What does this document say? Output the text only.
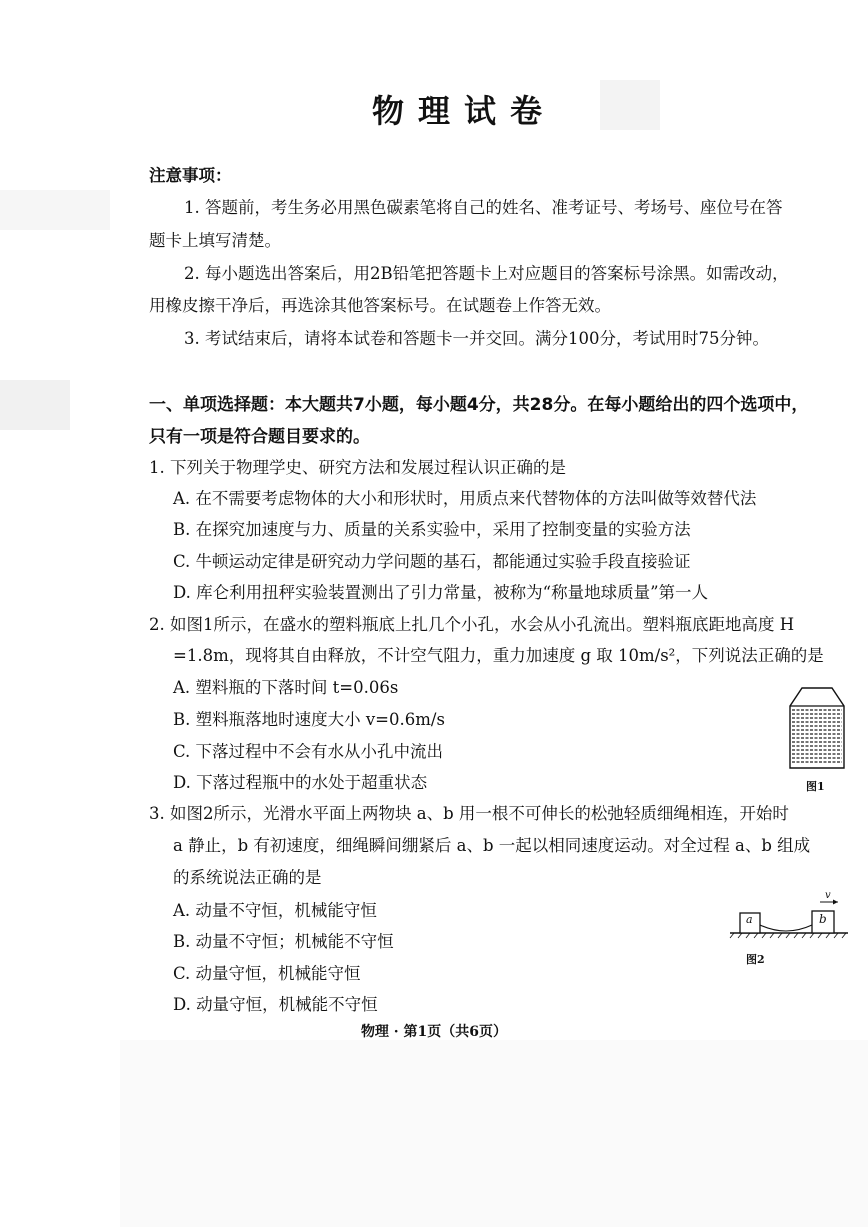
物理试卷
注意事项：
1. 答题前，考生务必用黑色碳素笔将自己的姓名、准考证号、考场号、座位号在答
题卡上填写清楚。
2. 每小题选出答案后，用2B铅笔把答题卡上对应题目的答案标号涂黑。如需改动，
用橡皮擦干净后，再选涂其他答案标号。在试题卷上作答无效。
3. 考试结束后，请将本试卷和答题卡一并交回。满分100分，考试用时75分钟。
一、单项选择题：本大题共7小题，每小题4分，共28分。在每小题给出的四个选项中，
只有一项是符合题目要求的。
1. 下列关于物理学史、研究方法和发展过程认识正确的是
A. 在不需要考虑物体的大小和形状时，用质点来代替物体的方法叫做等效替代法
B. 在探究加速度与力、质量的关系实验中，采用了控制变量的实验方法
C. 牛顿运动定律是研究动力学问题的基石，都能通过实验手段直接验证
D. 库仑利用扭秤实验装置测出了引力常量，被称为“称量地球质量”第一人
2. 如图1所示，在盛水的塑料瓶底上扎几个小孔，水会从小孔流出。塑料瓶底距地高度 H
=1.8m，现将其自由释放，不计空气阻力，重力加速度 g 取 10m/s²，下列说法正确的是
A. 塑料瓶的下落时间 t=0.06s
B. 塑料瓶落地时速度大小 v=0.6m/s
C. 下落过程中不会有水从小孔中流出
D. 下落过程瓶中的水处于超重状态	图1
3. 如图2所示，光滑水平面上两物块 a、b 用一根不可伸长的松弛轻质细绳相连，开始时
a 静止，b 有初速度，细绳瞬间绷紧后 a、b 一起以相同速度运动。对全过程 a、b 组成
的系统说法正确的是
A. 动量不守恒，机械能守恒
B. 动量不守恒；机械能不守恒
C. 动量守恒，机械能守恒
D. 动量守恒，机械能不守恒
a	b
v
图2
物理 · 第1页（共6页）
